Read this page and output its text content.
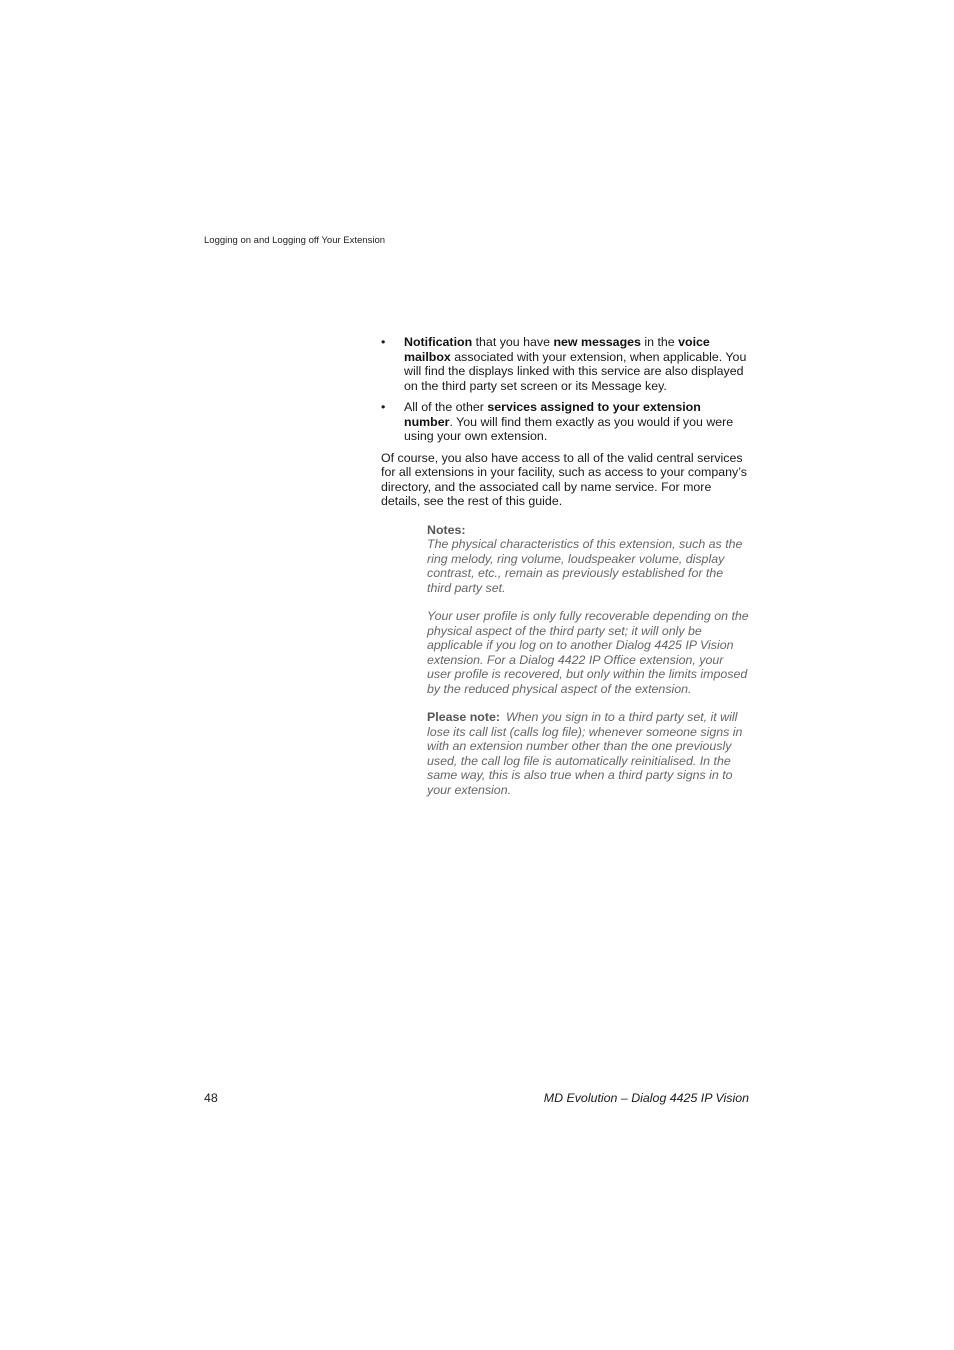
Logging on and Logging off Your Extension
•	Notification that you have new messages in the voice mailbox associated with your extension, when applicable. You will find the displays linked with this service are also displayed on the third party set screen or its Message key.
•	All of the other services assigned to your extension number. You will find them exactly as you would if you were using your own extension.

Of course, you also have access to all of the valid central services for all extensions in your facility, such as access to your company’s directory, and the associated call by name service. For more details, see the rest of this guide.

Notes:

The physical characteristics of this extension, such as the ring melody, ring volume, loudspeaker volume, display contrast, etc., remain as previously established for the third party set.

Your user profile is only fully recoverable depending on the physical aspect of the third party set; it will only be applicable if you log on to another Dialog 4425 IP Vision extension. For a Dialog 4422 IP Office extension, your user profile is recovered, but only within the limits imposed by the reduced physical aspect of the extension.

Please note: When you sign in to a third party set, it will lose its call list (calls log file); whenever someone signs in with an extension number other than the one previously used, the call log file is automatically reinitialised. In the same way, this is also true when a third party signs in to your extension.
48	MD Evolution – Dialog 4425 IP Vision
